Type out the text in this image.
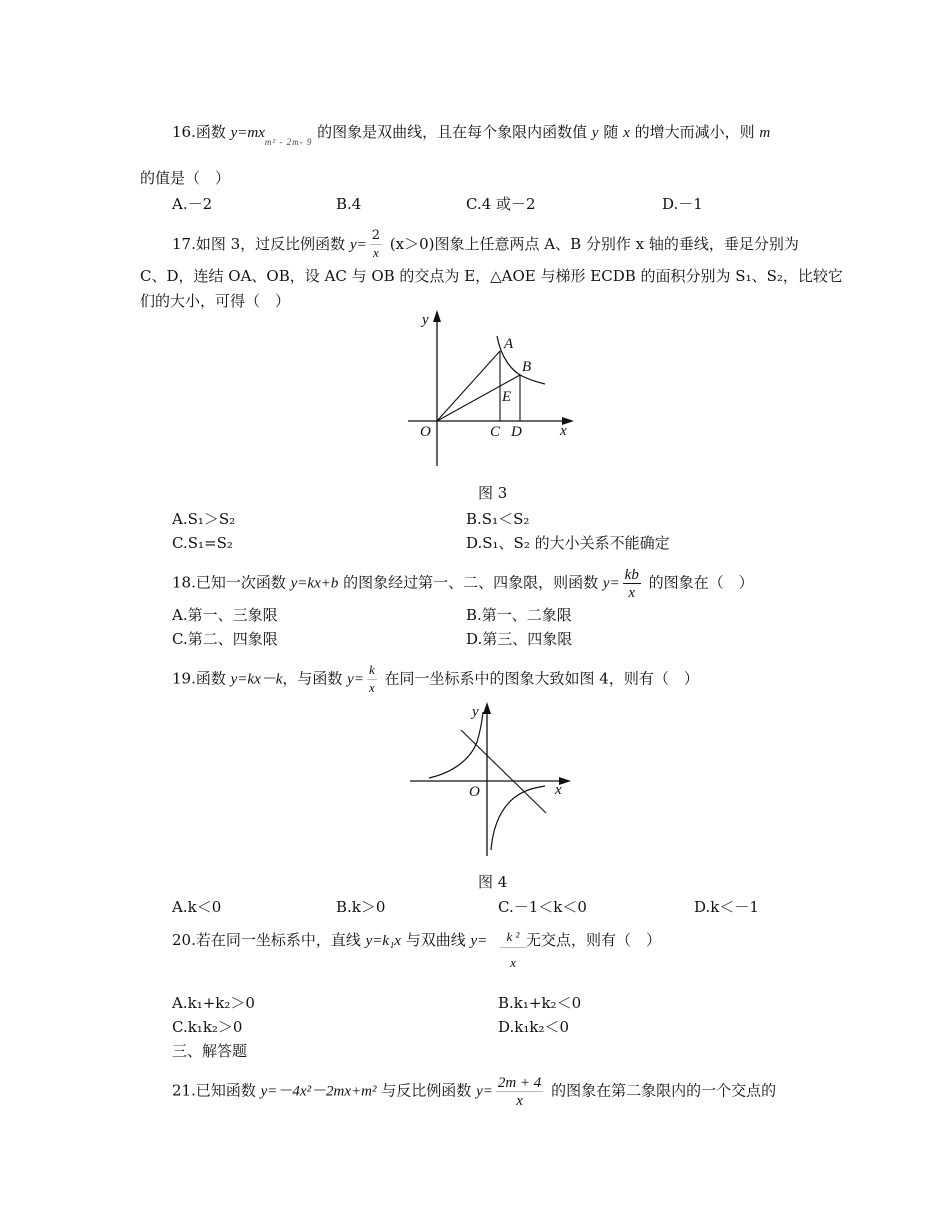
16.函数 $y=mx_{m^2 - 2m- 9}$ 的图象是双曲线，且在每个象限内函数值 y 随 x 的增大而减小，则 m
的值是（　）
A.－2	B.4	C.4 或－2	D.－1
17.如图 3，过反比例函数 $y= \frac{2}{x} (x>0)$图象上任意两点 A、B 分别作 x 轴的垂线，垂足分别为
C、D，连结 OA、OB，设 AC 与 OB 的交点为 E，△AOE 与梯形 ECDB 的面积分别为 S₁、S₂，比较它
们的大小，可得（　）
y
x
O
A
B
E
C D
图 3
A.S₁＞S₂	B.S₁＜S₂
C.S₁=S₂	D.S₁、S₂ 的大小关系不能确定
18.已知一次函数 y=kx+b 的图象经过第一、二、四象限，则函数 $y= \frac{kb}{x}$ 的图象在（　）
A.第一、三象限	B.第一、二象限
C.第二、四象限	D.第三、四象限
19.函数 y=kx－k，与函数 $y= \frac{k}{x}$ 在同一坐标系中的图象大致如图 4，则有（　）
y
x
O
图 4
A.k＜0	B.k＞0	C.－1＜k＜0	D.k＜－1
20.若在同一坐标系中，直线 y=k₁x 与双曲线 y=	k ²
x
无交点，则有（　）
A.k₁+k₂＞0	B.k₁+k₂＜0
C.k₁k₂＞0	D.k₁k₂＜0
三、解答题
21.已知函数 y=－4x²－2mx+m² 与反比例函数 $y= \frac{2m + 4}{x}$ 的图象在第二象限内的一个交点的
